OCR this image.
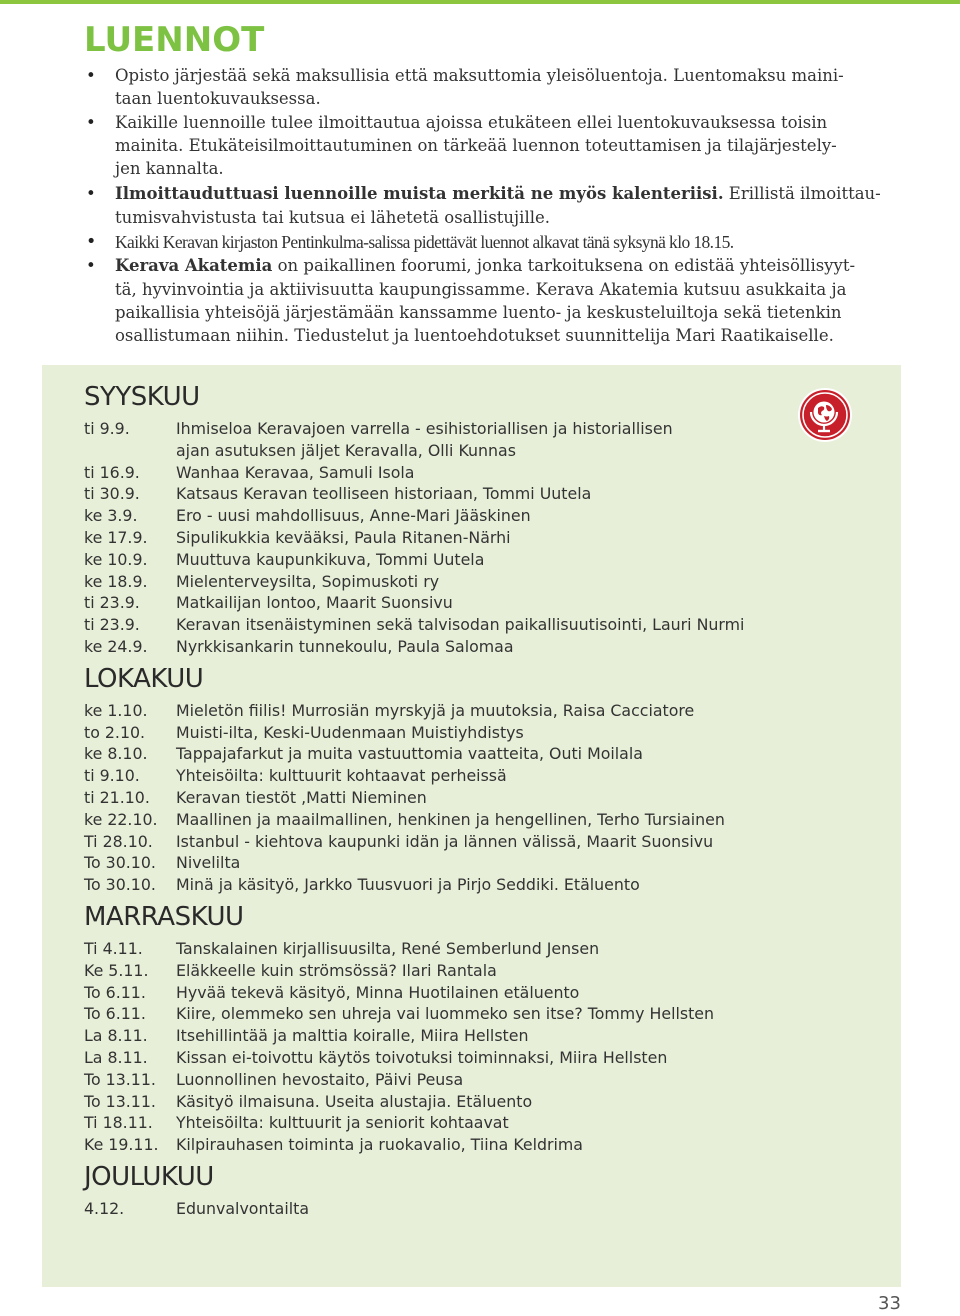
LUENNOT
• Opisto järjestää sekä maksullisia että maksuttomia yleisöluentoja. Luentomaksu maini-
taan luentokuvauksessa.
• Kaikille luennoille tulee ilmoittautua ajoissa etukäteen ellei luentokuvauksessa toisin
mainita. Etukäteisilmoittautuminen on tärkeää luennon toteuttamisen ja tilajärjestely-
jen kannalta.
• Ilmoittauduttuasi luennoille muista merkitä ne myös kalenteriisi. Erillistä ilmoittau-
tumisvahvistusta tai kutsua ei lähetetä osallistujille.
• Kaikki Keravan kirjaston Pentinkulma-salissa pidettävät luennot alkavat tänä syksynä klo 18.15.
• Kerava Akatemia on paikallinen foorumi, jonka tarkoituksena on edistää yhteisöllisyyt-
tä, hyvinvointia ja aktiivisuutta kaupungissamme. Kerava Akatemia kutsuu asukkaita ja
paikallisia yhteisöjä järjestämään kanssamme luento- ja keskusteluiltoja sekä tietenkin
osallistumaan niihin. Tiedustelut ja luentoehdotukset suunnittelija Mari Raatikaiselle.
SYYSKUU
ti 9.9.	Ihmiseloa Keravajoen varrella - esihistoriallisen ja historiallisen
ajan asutuksen jäljet Keravalla, Olli Kunnas
ti 16.9.	Wanhaa Keravaa, Samuli Isola
ti 30.9.	Katsaus Keravan teolliseen historiaan, Tommi Uutela
ke 3.9.	Ero - uusi mahdollisuus, Anne-Mari Jääskinen
ke 17.9.	Sipulikukkia kevääksi, Paula Ritanen-Närhi
ke 10.9.	Muuttuva kaupunkikuva, Tommi Uutela
ke 18.9.	Mielenterveysilta, Sopimuskoti ry
ti 23.9.	Matkailijan lontoo, Maarit Suonsivu
ti 23.9.	Keravan itsenäistyminen sekä talvisodan paikallisuutisointi, Lauri Nurmi
ke 24.9.	Nyrkkisankarin tunnekoulu, Paula Salomaa
LOKAKUU
ke 1.10.	Mieletön fiilis! Murrosiän myrskyjä ja muutoksia, Raisa Cacciatore
to 2.10.	Muisti-ilta, Keski-Uudenmaan Muistiyhdistys
ke 8.10.	Tappajafarkut ja muita vastuuttomia vaatteita, Outi Moilala
ti 9.10.	Yhteisöilta: kulttuurit kohtaavat perheissä
ti 21.10.	Keravan tiestöt ,Matti Nieminen
ke 22.10.	Maallinen ja maailmallinen, henkinen ja hengellinen, Terho Tursiainen
Ti 28.10.	Istanbul - kiehtova kaupunki idän ja lännen välissä, Maarit Suonsivu
To 30.10.	Nivelilta
To 30.10.	Minä ja käsityö, Jarkko Tuusvuori ja Pirjo Seddiki. Etäluento
MARRASKUU
Ti 4.11.	Tanskalainen kirjallisuusilta, René Semberlund Jensen
Ke 5.11.	Eläkkeelle kuin strömsössä? Ilari Rantala
To 6.11.	Hyvää tekevä käsityö, Minna Huotilainen etäluento
To 6.11.	Kiire, olemmeko sen uhreja vai luommeko sen itse? Tommy Hellsten
La 8.11.	Itsehillintää ja malttia koiralle, Miira Hellsten
La 8.11.	Kissan ei-toivottu käytös toivotuksi toiminnaksi, Miira Hellsten
To 13.11.	Luonnollinen hevostaito, Päivi Peusa
To 13.11.	Käsityö ilmaisuna. Useita alustajia. Etäluento
Ti 18.11.	Yhteisöilta: kulttuurit ja seniorit kohtaavat
Ke 19.11.	Kilpirauhasen toiminta ja ruokavalio, Tiina Keldrima
JOULUKUU
4.12.	Edunvalvontailta
33
